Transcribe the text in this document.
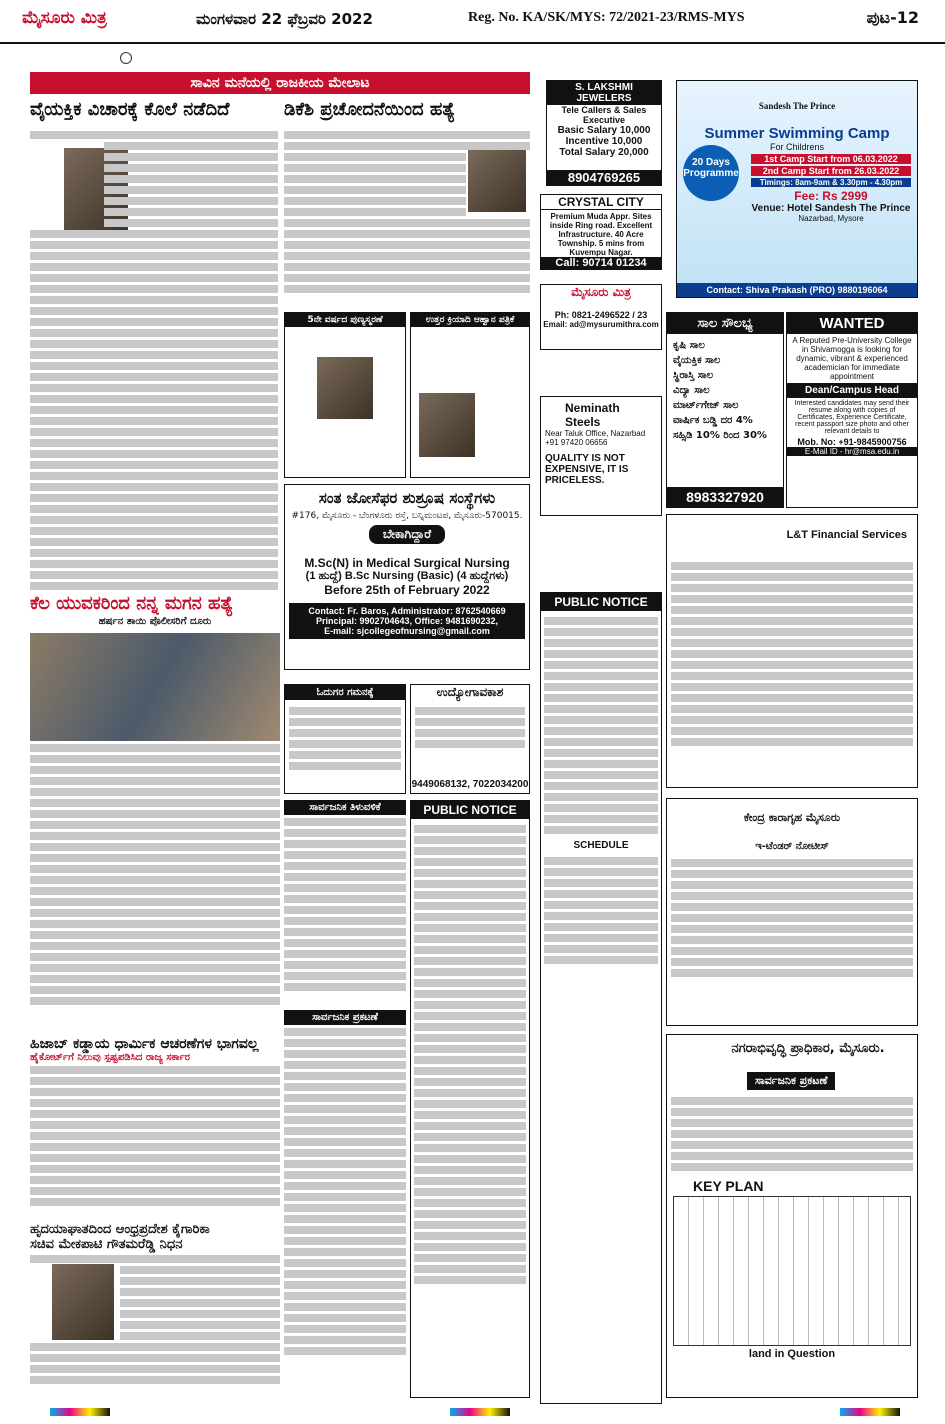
ಮೈಸೂರು ಮಿತ್ರ	ಮಂಗಳವಾರ 22 ಫೆಬ್ರವರಿ 2022	Reg. No. KA/SK/MYS: 72/2021-23/RMS-MYS	ಪುಟ-12
ಸಾವಿನ ಮನೆಯಲ್ಲಿ ರಾಜಕೀಯ ಮೇಲಾಟ
ವೈಯಕ್ತಿಕ ವಿಚಾರಕ್ಕೆ ಕೊಲೆ ನಡೆದಿದೆ	ಡಿಕೆಶಿ ಪ್ರಚೋದನೆಯಿಂದ ಹತ್ಯೆ
5ನೇ ವರ್ಷದ ಪುಣ್ಯಸ್ಮರಣೆ	ಉತ್ತರ ಕ್ರಿಯಾದಿ ಆಹ್ವಾನ ಪತ್ರಿಕೆ
ಸಂತ ಜೋಸೆಫರ ಶುಶ್ರೂಷ ಸಂಸ್ಥೆಗಳು
#176, ಮೈಸೂರು - ಬೆಂಗಳೂರು ರಸ್ತೆ, ಬನ್ನಿಮಂಟಪ, ಮೈಸೂರು-570015.
ಬೇಕಾಗಿದ್ದಾರೆ
M.Sc(N) in Medical Surgical Nursing
(1 ಹುದ್ದೆ) B.Sc Nursing (Basic) (4 ಹುದ್ದೆಗಳು)
Before 25th of February 2022
Contact: Fr. Baros, Administrator: 8762540669
Principal: 9902704643, Office: 9481690232,
E-mail: sjcollegeofnursing@gmail.com
ಕೆಲ ಯುವಕರಿಂದ ನನ್ನ ಮಗನ ಹತ್ಯೆ
ಹರ್ಷನ ತಾಯಿ ಪೊಲೀಸರಿಗೆ ದೂರು
ಹಿಜಾಬ್ ಕಡ್ಡಾಯ ಧಾರ್ಮಿಕ ಆಚರಣೆಗಳ ಭಾಗವಲ್ಲ
ಹೈಕೋರ್ಟ್‌ಗೆ ನಿಲುವು ಸ್ಪಷ್ಟಪಡಿಸಿದ ರಾಜ್ಯ ಸರ್ಕಾರ
ಹೃದಯಾಘಾತದಿಂದ ಆಂಧ್ರಪ್ರದೇಶ ಕೈಗಾರಿಕಾ
ಸಚಿವ ಮೇಕಪಾಟಿ ಗೌತಮರೆಡ್ಡಿ ನಿಧನ
ಓದುಗರ ಗಮನಕ್ಕೆ	ಉದ್ಯೋಗಾವಕಾಶ
9449068132, 7022034200
ಸಾರ್ವಜನಿಕ ತಿಳುವಳಿಕೆ
ಸಾರ್ವಜನಿಕ ಪ್ರಕಟಣೆ
PUBLIC NOTICE
S. LAKSHMI JEWELERS
Tele Callers & Sales Executive
Basic Salary 10,000
Incentive 10,000
Total Salary 20,000
8904769265
CRYSTAL CITY
Premium Muda Appr. Sites inside Ring road. Excellent Infrastructure. 40 Acre Township. 5 mins from Kuvempu Nagar.
Call: 90714 01234
ಮೈಸೂರು ಮಿತ್ರ
Ph: 0821-2496522 / 23
Email: ad@mysurumithra.com
Neminath Steels
Near Taluk Office, Nazarbad
+91 97420 06656
QUALITY IS NOT EXPENSIVE, IT IS PRICELESS.
PUBLIC NOTICE
SCHEDULE
Sandesh The Prince
Summer Swimming Camp
For Childrens
20 Days Programme
1st Camp Start from 06.03.2022
2nd Camp Start from 26.03.2022
Timings: 8am-9am & 3.30pm - 4.30pm
Fee: Rs 2999
Venue: Hotel Sandesh The Prince
Nazarbad, Mysore
Contact: Shiva Prakash (PRO) 9880196064
ಸಾಲ ಸೌಲಭ್ಯ
ಕೃಷಿ ಸಾಲ
ವೈಯಕ್ತಿಕ ಸಾಲ
ಸ್ಥಿರಾಸ್ತಿ ಸಾಲ
ವಿದ್ಯಾ ಸಾಲ
ಮಾರ್ಟ್‌ಗೇಜ್ ಸಾಲ
ವಾರ್ಷಿಕ ಬಡ್ಡಿ ದರ 4%
ಸಹ್ಸಿಡಿ 10% ರಿಂದ 30%
8983327920
WANTED
A Reputed Pre-University College in Shivamogga is looking for dynamic, vibrant & experienced academician for immediate appointment
Dean/Campus Head
Interested candidates may send their resume along with copies of Certificates, Experience Certificate, recent passport size photo and other relevant details to
Mob. No: +91-9845900756
E-Mail ID - hr@msa.edu.in
L&T Financial Services
ಕೇಂದ್ರ ಕಾರಾಗೃಹ ಮೈಸೂರು
ಇ-ಟೆಂಡರ್ ನೋಟೀಸ್
ನಗರಾಭಿವೃದ್ಧಿ ಪ್ರಾಧಿಕಾರ, ಮೈಸೂರು.
ಸಾರ್ವಜನಿಕ ಪ್ರಕಟಣೆ
KEY PLAN
land in Question
